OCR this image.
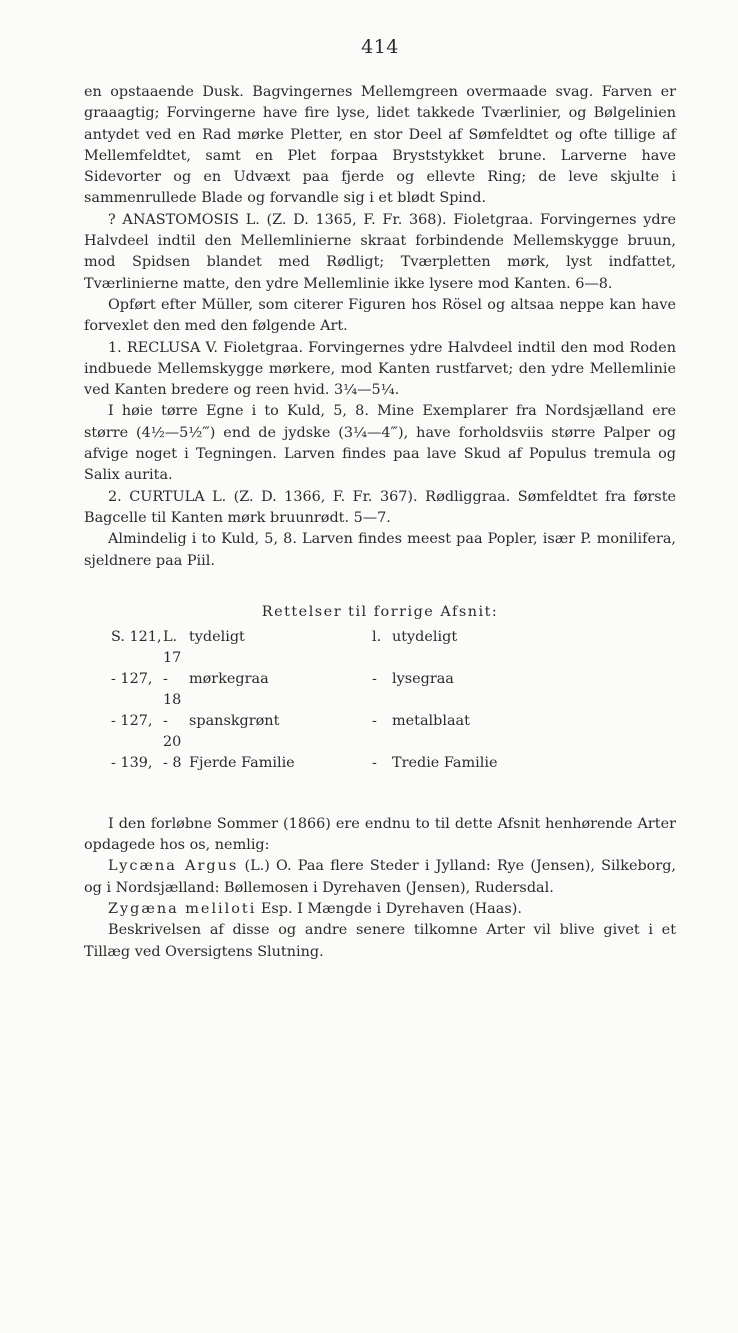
414

en opstaaende Dusk. Bagvingernes Mellemgreen overmaade svag. Farven er graaagtig; Forvingerne have fire lyse, lidet takkede Tværlinier, og Bølgelinien antydet ved en Rad mørke Pletter, en stor Deel af Sømfeldtet og ofte tillige af Mellemfeldtet, samt en Plet forpaa Bryststykket brune. Larverne have Sidevorter og en Udvæxt paa fjerde og ellevte Ring; de leve skjulte i sammenrullede Blade og forvandle sig i et blødt Spind.

? ANASTOMOSIS L. (Z. D. 1365, F. Fr. 368). Fioletgraa. Forvingernes ydre Halvdeel indtil den Mellemlinierne skraat forbindende Mellemskygge bruun, mod Spidsen blandet med Rødligt; Tværpletten mørk, lyst indfattet, Tværlinierne matte, den ydre Mellemlinie ikke lysere mod Kanten. 6—8.

Opført efter Müller, som citerer Figuren hos Rösel og altsaa neppe kan have forvexlet den med den følgende Art.

1. RECLUSA V. Fioletgraa. Forvingernes ydre Halvdeel indtil den mod Roden indbuede Mellemskygge mørkere, mod Kanten rustfarvet; den ydre Mellemlinie ved Kanten bredere og reen hvid. 3¼—5¼.

I høie tørre Egne i to Kuld, 5, 8. Mine Exemplarer fra Nordsjælland ere større (4½—5½‴) end de jydske (3¼—4‴), have forholdsviis større Palper og afvige noget i Tegningen. Larven findes paa lave Skud af Populus tremula og Salix aurita.

2. CURTULA L. (Z. D. 1366, F. Fr. 367). Rødliggraa. Sømfeldtet fra første Bagcelle til Kanten mørk bruunrødt. 5—7.

Almindelig i to Kuld, 5, 8. Larven findes meest paa Popler, især P. monilifera, sjeldnere paa Piil.

Rettelser til forrige Afsnit:
S. 121,	L. 17	tydeligt	l.	utydeligt
- 127,	- 18	mørkegraa	-	lysegraa
- 127,	- 20	spanskgrønt	-	metalblaat
- 139,	- 8	Fjerde Familie	-	Tredie Familie

I den forløbne Sommer (1866) ere endnu to til dette Afsnit henhørende Arter opdagede hos os, nemlig:

Lycæna Argus (L.) O. Paa flere Steder i Jylland: Rye (Jensen), Silkeborg, og i Nordsjælland: Bøllemosen i Dyrehaven (Jensen), Rudersdal.

Zygæna meliloti Esp. I Mængde i Dyrehaven (Haas).

Beskrivelsen af disse og andre senere tilkomne Arter vil blive givet i et Tillæg ved Oversigtens Slutning.
